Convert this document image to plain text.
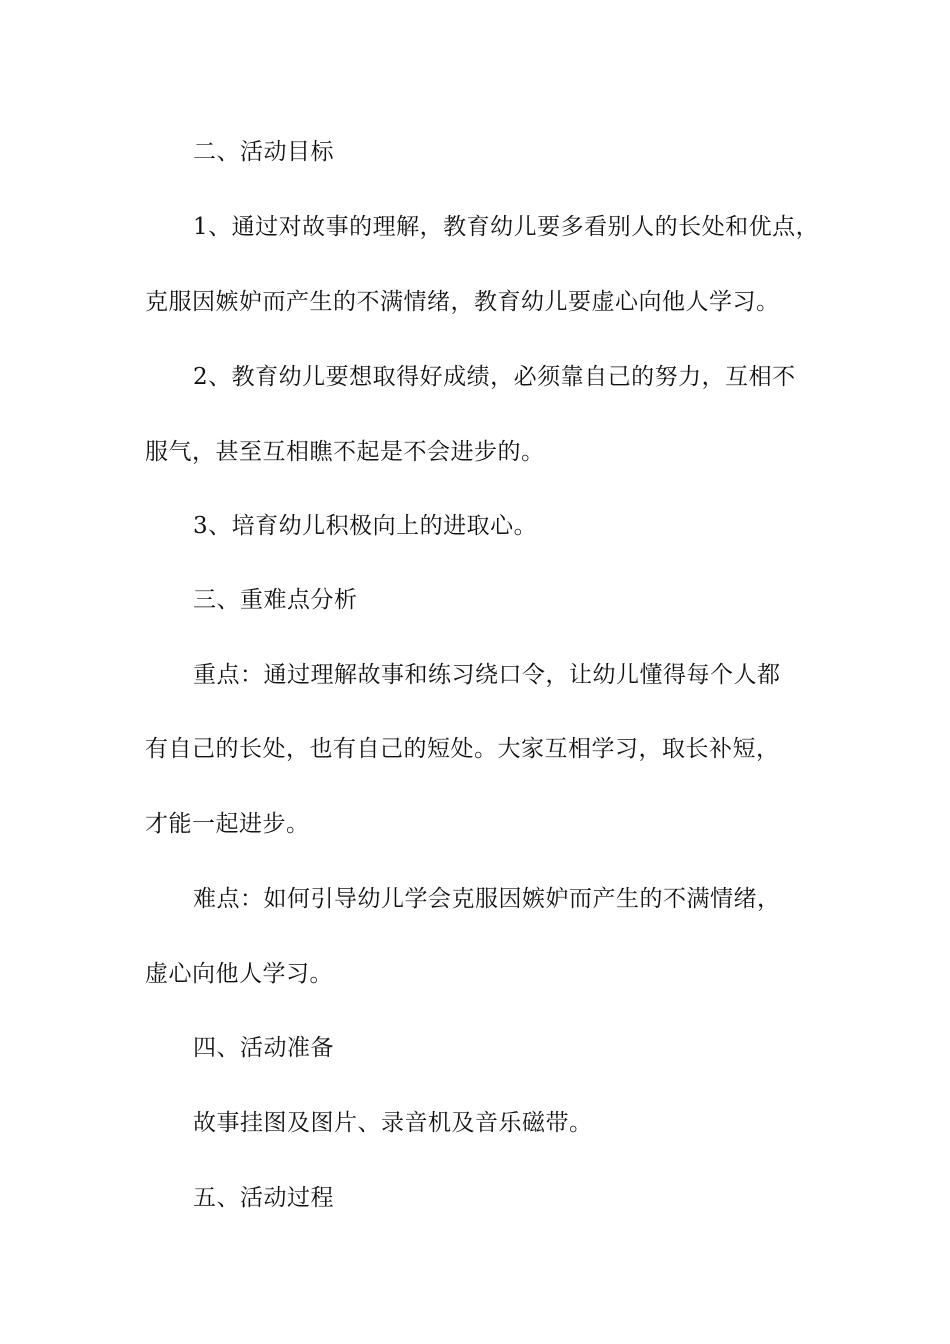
二、活动目标
1、通过对故事的理解，教育幼儿要多看别人的长处和优点，
克服因嫉妒而产生的不满情绪，教育幼儿要虚心向他人学习。
2、教育幼儿要想取得好成绩，必须靠自己的努力，互相不
服气，甚至互相瞧不起是不会进步的。
3、培育幼儿积极向上的进取心。
三、重难点分析
重点：通过理解故事和练习绕口令，让幼儿懂得每个人都
有自己的长处，也有自己的短处。大家互相学习，取长补短，
才能一起进步。
难点：如何引导幼儿学会克服因嫉妒而产生的不满情绪，
虚心向他人学习。
四、活动准备
故事挂图及图片、录音机及音乐磁带。
五、活动过程
